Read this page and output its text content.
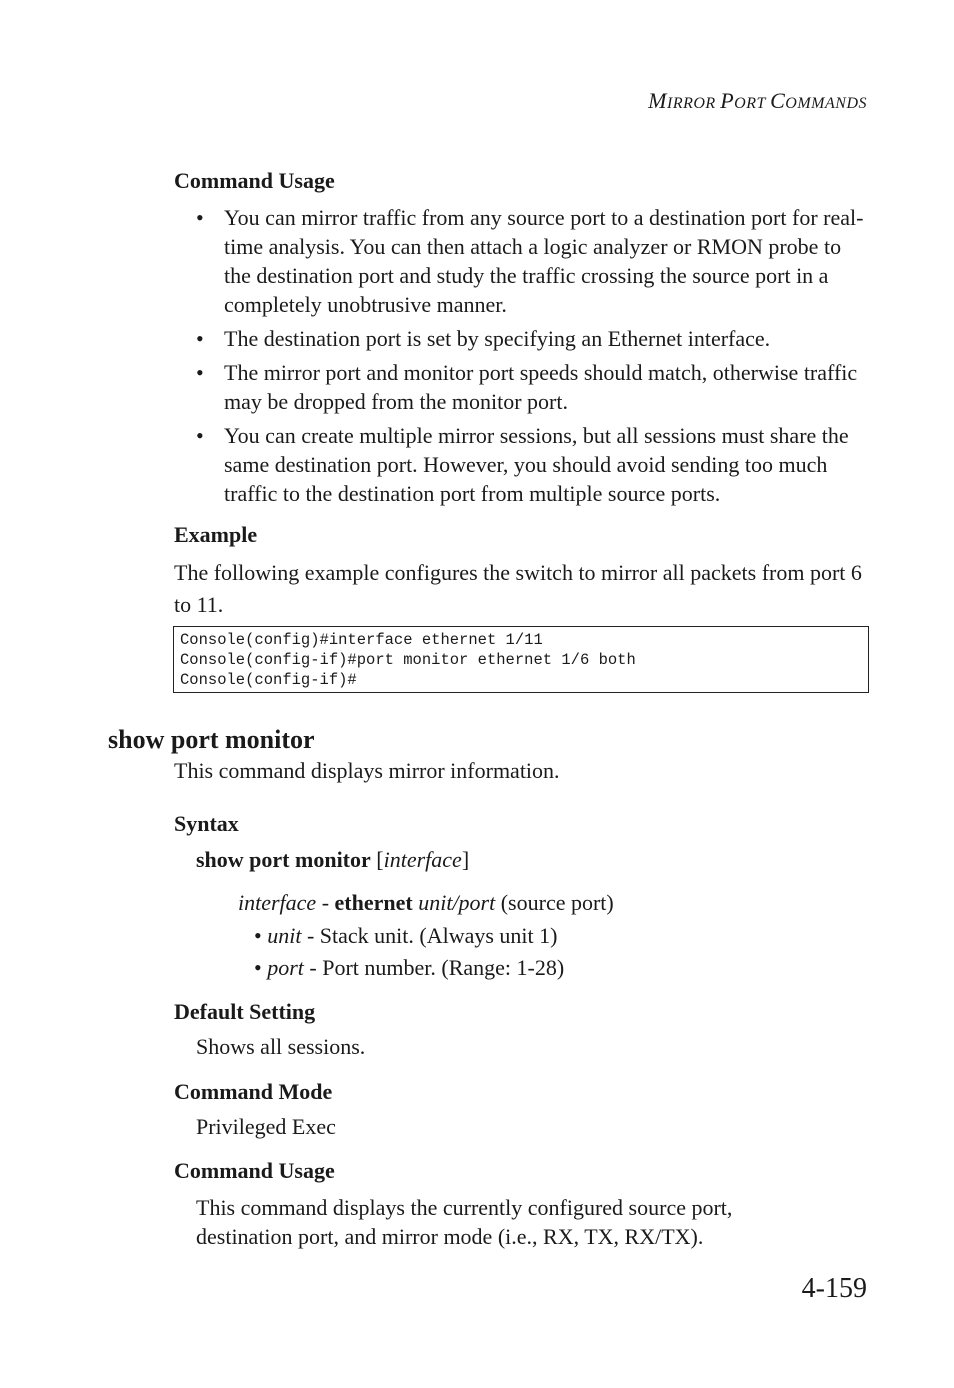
MIRROR PORT COMMANDS
Command Usage
• You can mirror traffic from any source port to a destination port for real-time analysis. You can then attach a logic analyzer or RMON probe to the destination port and study the traffic crossing the source port in a completely unobtrusive manner.
• The destination port is set by specifying an Ethernet interface.
• The mirror port and monitor port speeds should match, otherwise traffic may be dropped from the monitor port.
• You can create multiple mirror sessions, but all sessions must share the same destination port. However, you should avoid sending too much traffic to the destination port from multiple source ports.
Example
The following example configures the switch to mirror all packets from port 6 to 11.
Console(config)#interface ethernet 1/11
Console(config-if)#port monitor ethernet 1/6 both
Console(config-if)#
show port monitor
This command displays mirror information.
Syntax
show port monitor [interface]
interface - ethernet unit/port (source port)
• unit - Stack unit. (Always unit 1)
• port - Port number. (Range: 1-28)
Default Setting
Shows all sessions.
Command Mode
Privileged Exec
Command Usage
This command displays the currently configured source port, destination port, and mirror mode (i.e., RX, TX, RX/TX).
4-159
